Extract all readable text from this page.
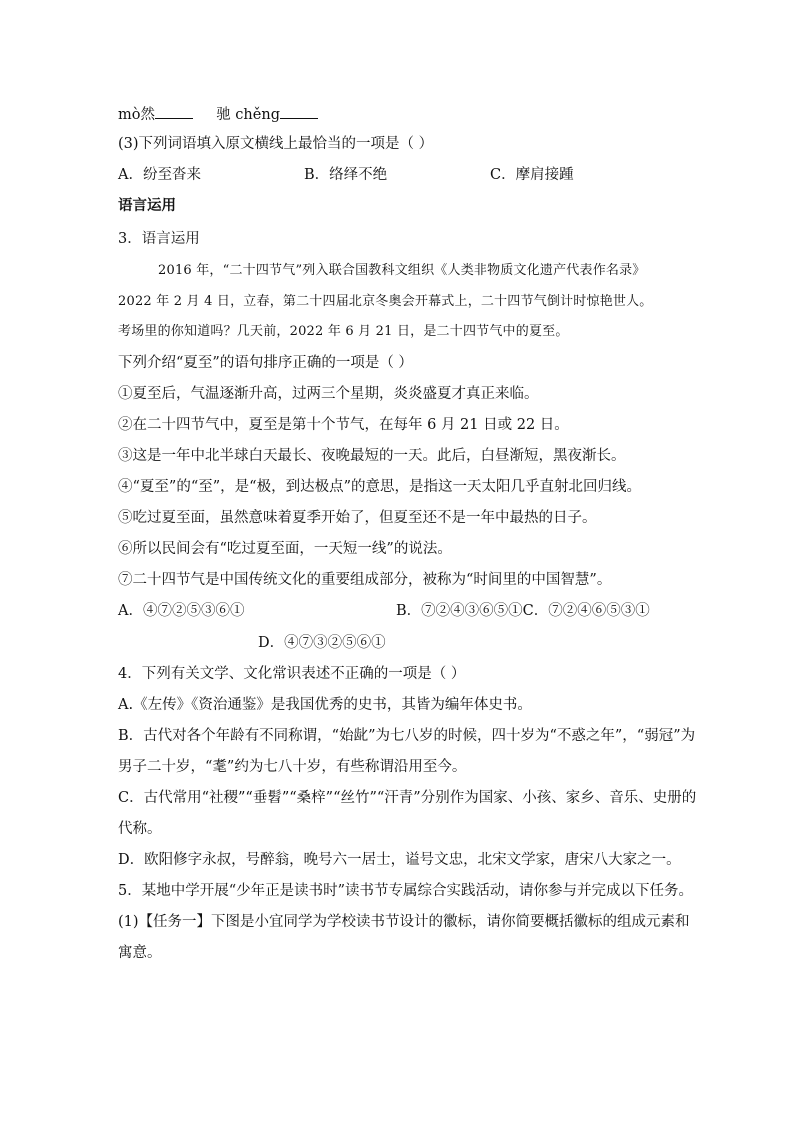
mò然	驰 chěng
(3)下列词语填入原文横线上最恰当的一项是（ ）
A．纷至沓来	B．络绎不绝	C．摩肩接踵
语言运用
3．语言运用
2016 年，“二十四节气”列入联合国教科文组织《人类非物质文化遗产代表作名录》
2022 年 2 月 4 日，立春，第二十四届北京冬奥会开幕式上，二十四节气倒计时惊艳世人。
考场里的你知道吗？几天前，2022 年 6 月 21 日，是二十四节气中的夏至。
下列介绍“夏至”的语句排序正确的一项是（ ）
①夏至后，气温逐渐升高，过两三个星期，炎炎盛夏才真正来临。
②在二十四节气中，夏至是第十个节气，在每年 6 月 21 日或 22 日。
③这是一年中北半球白天最长、夜晚最短的一天。此后，白昼渐短，黑夜渐长。
④“夏至”的“至”，是“极，到达极点”的意思，是指这一天太阳几乎直射北回归线。
⑤吃过夏至面，虽然意味着夏季开始了，但夏至还不是一年中最热的日子。
⑥所以民间会有“吃过夏至面，一天短一线”的说法。
⑦二十四节气是中国传统文化的重要组成部分，被称为“时间里的中国智慧”。
A．④⑦②⑤③⑥①	B．⑦②④③⑥⑤①C．⑦②④⑥⑤③①
D．④⑦③②⑤⑥①
4．下列有关文学、文化常识表述不正确的一项是（ ）
A.《左传》《资治通鉴》是我国优秀的史书，其皆为编年体史书。
B．古代对各个年龄有不同称谓，“始龀”为七八岁的时候，四十岁为“不惑之年”，“弱冠”为
男子二十岁，“耄”约为七八十岁，有些称谓沿用至今。
C．古代常用“社稷”“垂髫”“桑梓”“丝竹”“汗青”分别作为国家、小孩、家乡、音乐、史册的
代称。
D．欧阳修字永叔，号醉翁，晚号六一居士，谥号文忠，北宋文学家，唐宋八大家之一。
5．某地中学开展“少年正是读书时”读书节专属综合实践活动，请你参与并完成以下任务。
(1)【任务一】下图是小宜同学为学校读书节设计的徽标，请你简要概括徽标的组成元素和
寓意。
